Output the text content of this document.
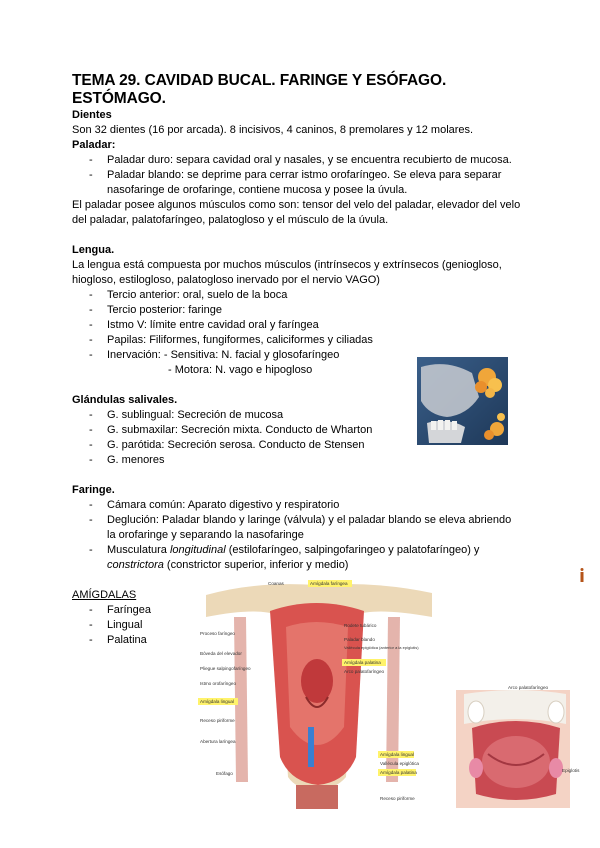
TEMA 29. CAVIDAD BUCAL. FARINGE Y ESÓFAGO. ESTÓMAGO.
Dientes

Son 32 dientes (16 por arcada). 8 incisivos, 4 caninos, 8 premolares y 12 molares.

Paladar:
- Paladar duro: separa cavidad oral y nasales, y se encuentra recubierto de mucosa.
- Paladar blando: se deprime para cerrar istmo orofaríngeo. Se eleva para separar
nasofaringe de orofaringe, contiene mucosa y posee la úvula.

El paladar posee algunos músculos como son: tensor del velo del paladar, elevador del velo

del paladar, palatofaríngeo, palatogloso y el músculo de la úvula.

Lengua.

La lengua está compuesta por muchos músculos (intrínsecos y extrínsecos (geniogloso,

hiogloso, estilogloso, palatogloso inervado por el nervio VAGO)

- Tercio anterior: oral, suelo de la boca
- Tercio posterior: faringe
- Istmo V: límite entre cavidad oral y faríngea
- Papilas: Filiformes, fungiformes, caliciformes y ciliadas
- Inervación: - Sensitiva: N. facial y glosofaríngeo
- Motora: N. vago e hipogloso
Glándulas salivales.
- G. sublingual: Secreción de mucosa
- G. submaxilar: Secreción mixta. Conducto de Wharton
- G. parótida: Secreción serosa. Conducto de Stensen
- G. menores
Faringe.
- Cámara común: Aparato digestivo y respiratorio
- Deglución: Paladar blando y laringe (válvula) y el paladar blando se eleva abriendo
la orofaringe y separando la nasofaringe
- Musculatura longitudinal (estilofaríngeo, salpingofaringeo y palatofaríngeo) y
constrictora (constrictor superior, inferior y medio)
AMÍGDALAS
- Faríngea
- Lingual
- Palatina
Proceso faríngeo
Bóveda del elevador
Pliegue salpingofaríngeo
Istmo orofaríngeo
Amígdala lingual
Receso piriforme
Abertura laríngea
Esófago
Coanas	Amígdala faríngea
Rodete tubárico
Paladar blando
Vallécula epiglótica (anterior a la epiglotis)
Amígdala palatina
Arco palatofaríngeo
Arco palatofaríngeo
Amígdala lingual
Vallécula epiglótica
Amígdala palatina
Receso piriforme
Epiglotis
